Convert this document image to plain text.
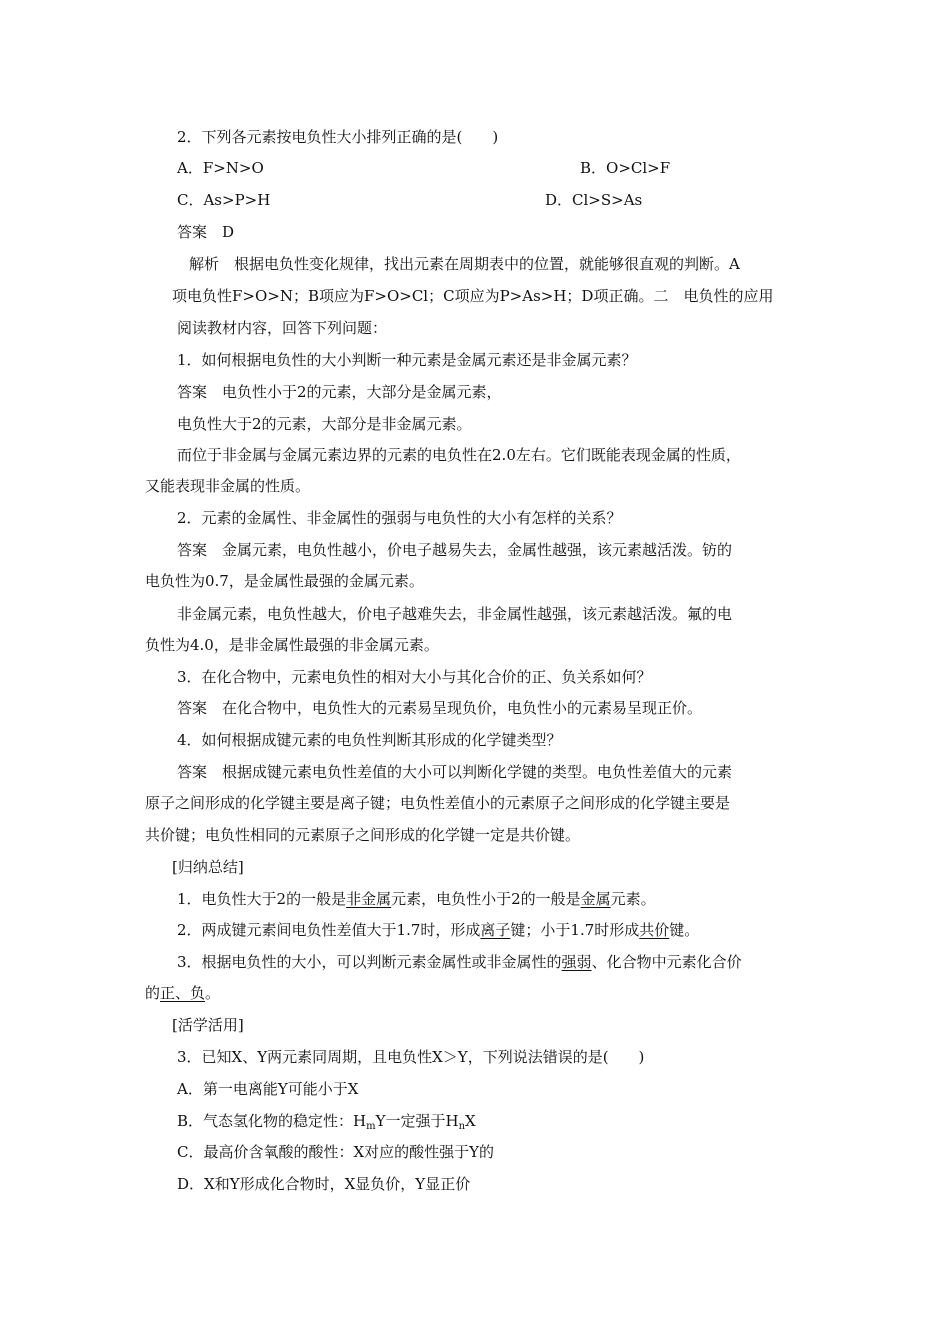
2．下列各元素按电负性大小排列正确的是(　　)
A．F>N>O	B．O>Cl>F
C．As>P>H	D．Cl>S>As
答案　D
解析　根据电负性变化规律，找出元素在周期表中的位置，就能够很直观的判断。A
项电负性F>O>N；B项应为F>O>Cl；C项应为P>As>H；D项正确。二　电负性的应用
阅读教材内容，回答下列问题：
1．如何根据电负性的大小判断一种元素是金属元素还是非金属元素？
答案　电负性小于2的元素，大部分是金属元素，
电负性大于2的元素，大部分是非金属元素。
而位于非金属与金属元素边界的元素的电负性在2.0左右。它们既能表现金属的性质，
又能表现非金属的性质。
2．元素的金属性、非金属性的强弱与电负性的大小有怎样的关系？
答案　金属元素，电负性越小，价电子越易失去，金属性越强，该元素越活泼。钫的
电负性为0.7，是金属性最强的金属元素。
非金属元素，电负性越大，价电子越难失去，非金属性越强，该元素越活泼。氟的电
负性为4.0，是非金属性最强的非金属元素。
3．在化合物中，元素电负性的相对大小与其化合价的正、负关系如何？
答案　在化合物中，电负性大的元素易呈现负价，电负性小的元素易呈现正价。
4．如何根据成键元素的电负性判断其形成的化学键类型？
答案　根据成键元素电负性差值的大小可以判断化学键的类型。电负性差值大的元素
原子之间形成的化学键主要是离子键；电负性差值小的元素原子之间形成的化学键主要是
共价键；电负性相同的元素原子之间形成的化学键一定是共价键。
[归纳总结]
1．电负性大于2的一般是非金属元素，电负性小于2的一般是金属元素。
2．两成键元素间电负性差值大于1.7时，形成离子键；小于1.7时形成共价键。
3．根据电负性的大小，可以判断元素金属性或非金属性的强弱、化合物中元素化合价
的正、负。
[活学活用]
3．已知X、Y两元素同周期，且电负性X＞Y，下列说法错误的是(　　)
A．第一电离能Y可能小于X
B．气态氢化物的稳定性：$H_mY$一定强于$H_nX$
C．最高价含氧酸的酸性：X对应的酸性强于Y的
D．X和Y形成化合物时，X显负价，Y显正价
